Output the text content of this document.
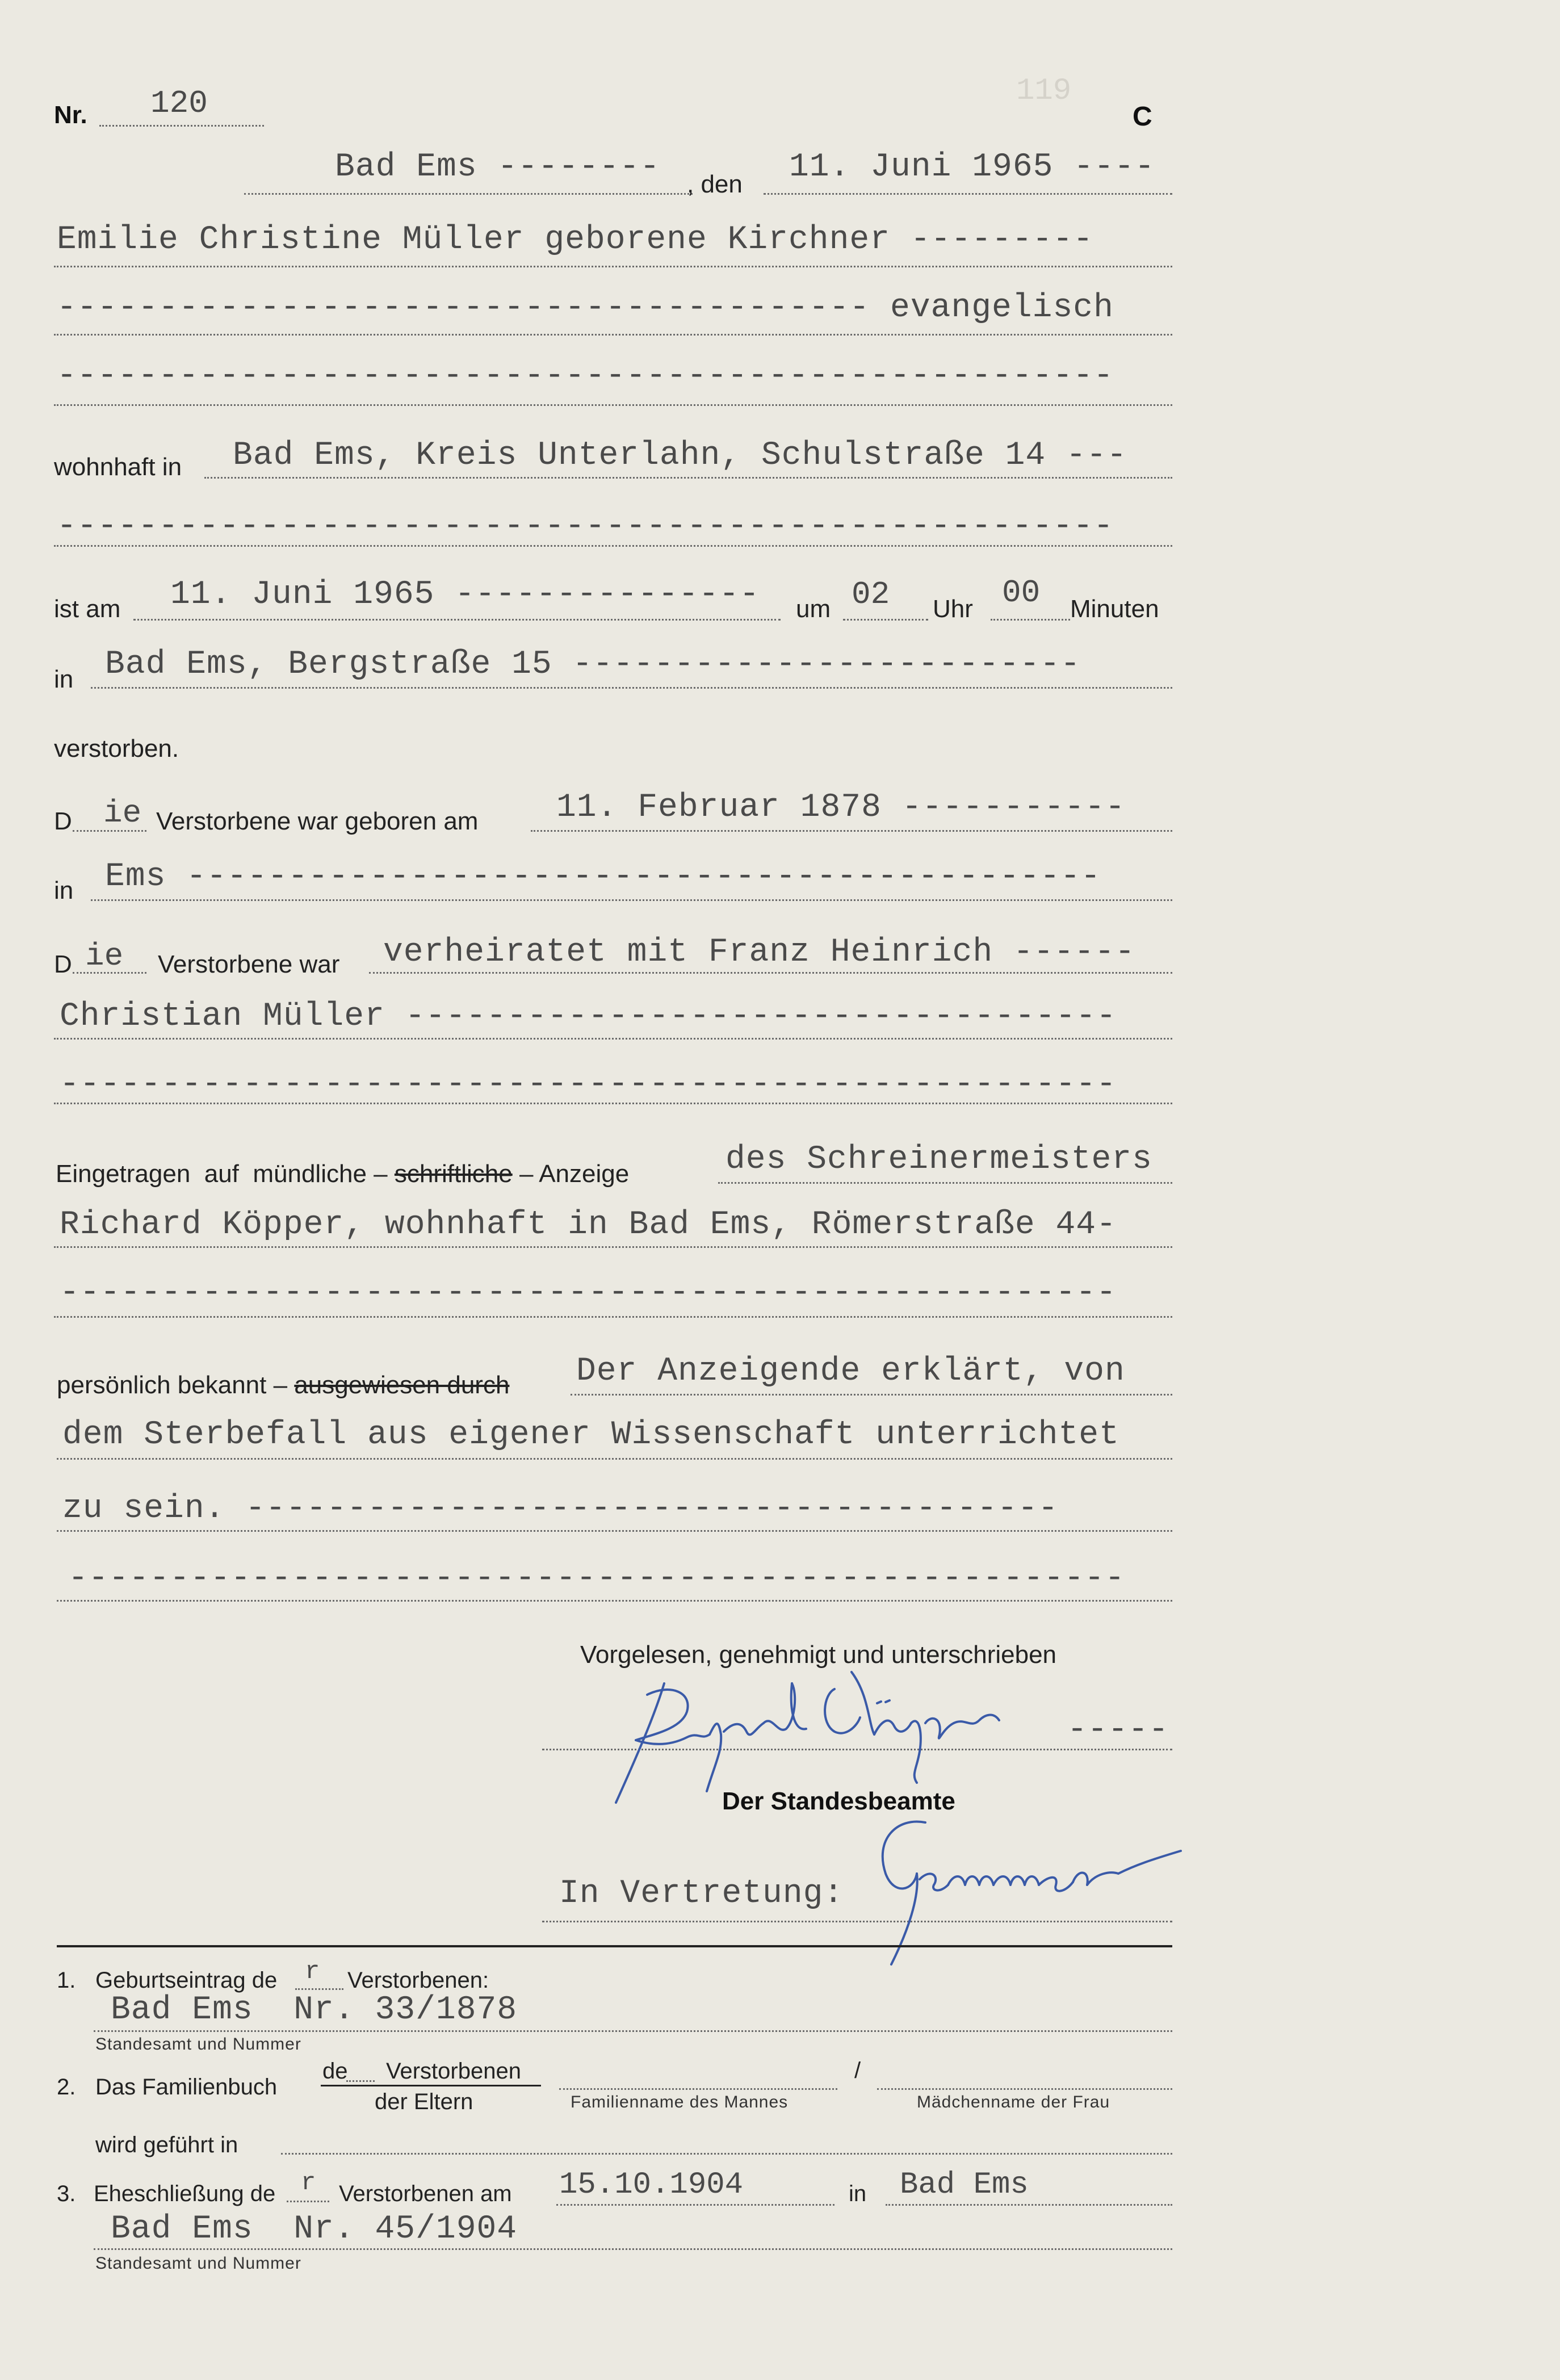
119
Nr. 120	C
Bad Ems -------- , den 11. Juni 1965 ----
Emilie Christine Müller geborene Kirchner ---------
---------------------------------------- evangelisch
----------------------------------------------------
wohnhaft in Bad Ems, Kreis Unterlahn, Schulstraße 14 ---
----------------------------------------------------
ist am 11. Juni 1965 --------------- um 02 Uhr 00 Minuten
in Bad Ems, Bergstraße 15 -------------------------
verstorben.
D ie Verstorbene war geboren am 11. Februar 1878 -----------
in Ems ---------------------------------------------
D ie Verstorbene war verheiratet mit Franz Heinrich ------
Christian Müller -----------------------------------
----------------------------------------------------
Eingetragen  auf  mündliche – schriftliche – Anzeige	des Schreinermeisters
Richard Köpper, wohnhaft in Bad Ems, Römerstraße 44-
----------------------------------------------------
persönlich bekannt – ausgewiesen durch Der Anzeigende erklärt, von
dem Sterbefall aus eigener Wissenschaft unterrichtet
zu sein. ----------------------------------------
----------------------------------------------------
Vorgelesen, genehmigt und unterschrieben
-----
Der Standesbeamte
In Vertretung:
1. Geburtseintrag de r Verstorbenen:
Bad Ems  Nr. 33/1878
Standesamt und Nummer
2. Das Familienbuch
de Verstorbenen
der Eltern
/
Familienname des Mannes	Mädchenname der Frau
wird geführt in
3. Eheschließung de r Verstorbenen am 15.10.1904	in Bad Ems
Bad Ems  Nr. 45/1904
Standesamt und Nummer
